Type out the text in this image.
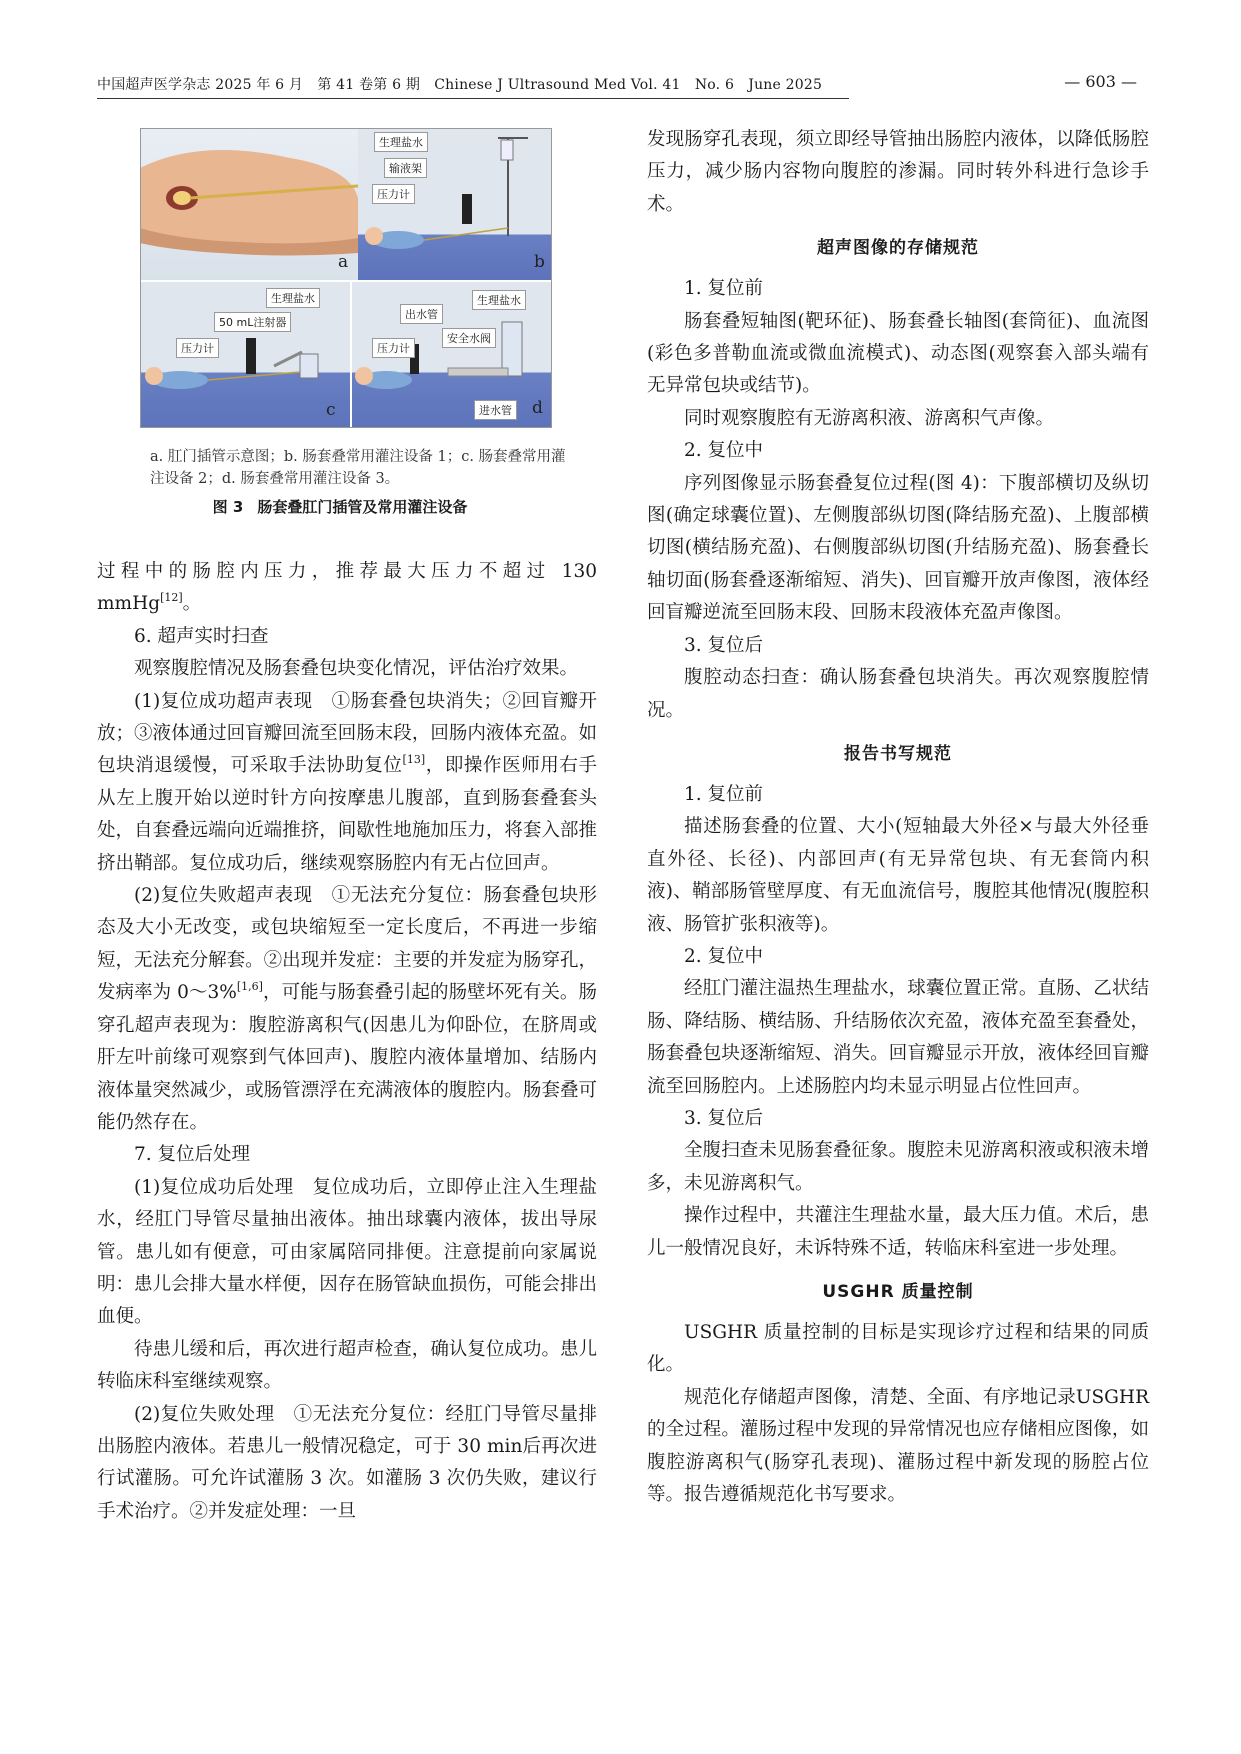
中国超声医学杂志 2025 年 6 月　第 41 卷第 6 期　Chinese J Ultrasound Med Vol. 41　No. 6　June 2025	— 603 —
a
生理盐水
输液架
压力计
b
生理盐水
50 mL注射器
压力计
c
出水管
生理盐水
安全水阀
压力计
进水管 d
a. 肛门插管示意图；b. 肠套叠常用灌注设备 1；c. 肠套叠常用灌注设备 2；d. 肠套叠常用灌注设备 3。
图 3 肠套叠肛门插管及常用灌注设备

过程中的肠腔内压力，推荐最大压力不超过 130 mmHg[12]。

6. 超声实时扫查

观察腹腔情况及肠套叠包块变化情况，评估治疗效果。

(1)复位成功超声表现　①肠套叠包块消失；②回盲瓣开放；③液体通过回盲瓣回流至回肠末段，回肠内液体充盈。如包块消退缓慢，可采取手法协助复位[13]，即操作医师用右手从左上腹开始以逆时针方向按摩患儿腹部，直到肠套叠套头处，自套叠远端向近端推挤，间歇性地施加压力，将套入部推挤出鞘部。复位成功后，继续观察肠腔内有无占位回声。

(2)复位失败超声表现　①无法充分复位：肠套叠包块形态及大小无改变，或包块缩短至一定长度后，不再进一步缩短，无法充分解套。②出现并发症：主要的并发症为肠穿孔，发病率为 0～3%[1,6]，可能与肠套叠引起的肠壁坏死有关。肠穿孔超声表现为：腹腔游离积气(因患儿为仰卧位，在脐周或肝左叶前缘可观察到气体回声)、腹腔内液体量增加、结肠内液体量突然减少，或肠管漂浮在充满液体的腹腔内。肠套叠可能仍然存在。

7. 复位后处理

(1)复位成功后处理　复位成功后，立即停止注入生理盐水，经肛门导管尽量抽出液体。抽出球囊内液体，拔出导尿管。患儿如有便意，可由家属陪同排便。注意提前向家属说明：患儿会排大量水样便，因存在肠管缺血损伤，可能会排出血便。

待患儿缓和后，再次进行超声检查，确认复位成功。患儿转临床科室继续观察。

(2)复位失败处理　①无法充分复位：经肛门导管尽量排出肠腔内液体。若患儿一般情况稳定，可于 30 min后再次进行试灌肠。可允许试灌肠 3 次。如灌肠 3 次仍失败，建议行手术治疗。②并发症处理：一旦

发现肠穿孔表现，须立即经导管抽出肠腔内液体，以降低肠腔压力，减少肠内容物向腹腔的渗漏。同时转外科进行急诊手术。

超声图像的存储规范

1. 复位前

肠套叠短轴图(靶环征)、肠套叠长轴图(套筒征)、血流图(彩色多普勒血流或微血流模式)、动态图(观察套入部头端有无异常包块或结节)。

同时观察腹腔有无游离积液、游离积气声像。

2. 复位中

序列图像显示肠套叠复位过程(图 4)：下腹部横切及纵切图(确定球囊位置)、左侧腹部纵切图(降结肠充盈)、上腹部横切图(横结肠充盈)、右侧腹部纵切图(升结肠充盈)、肠套叠长轴切面(肠套叠逐渐缩短、消失)、回盲瓣开放声像图，液体经回盲瓣逆流至回肠末段、回肠末段液体充盈声像图。

3. 复位后

腹腔动态扫查：确认肠套叠包块消失。再次观察腹腔情况。

报告书写规范

1. 复位前

描述肠套叠的位置、大小(短轴最大外径×与最大外径垂直外径、长径)、内部回声(有无异常包块、有无套筒内积液)、鞘部肠管壁厚度、有无血流信号，腹腔其他情况(腹腔积液、肠管扩张积液等)。

2. 复位中

经肛门灌注温热生理盐水，球囊位置正常。直肠、乙状结肠、降结肠、横结肠、升结肠依次充盈，液体充盈至套叠处，肠套叠包块逐渐缩短、消失。回盲瓣显示开放，液体经回盲瓣流至回肠腔内。上述肠腔内均未显示明显占位性回声。

3. 复位后

全腹扫查未见肠套叠征象。腹腔未见游离积液或积液未增多，未见游离积气。

操作过程中，共灌注生理盐水量，最大压力值。术后，患儿一般情况良好，未诉特殊不适，转临床科室进一步处理。

USGHR 质量控制

USGHR 质量控制的目标是实现诊疗过程和结果的同质化。

规范化存储超声图像，清楚、全面、有序地记录USGHR的全过程。灌肠过程中发现的异常情况也应存储相应图像，如腹腔游离积气(肠穿孔表现)、灌肠过程中新发现的肠腔占位等。报告遵循规范化书写要求。
